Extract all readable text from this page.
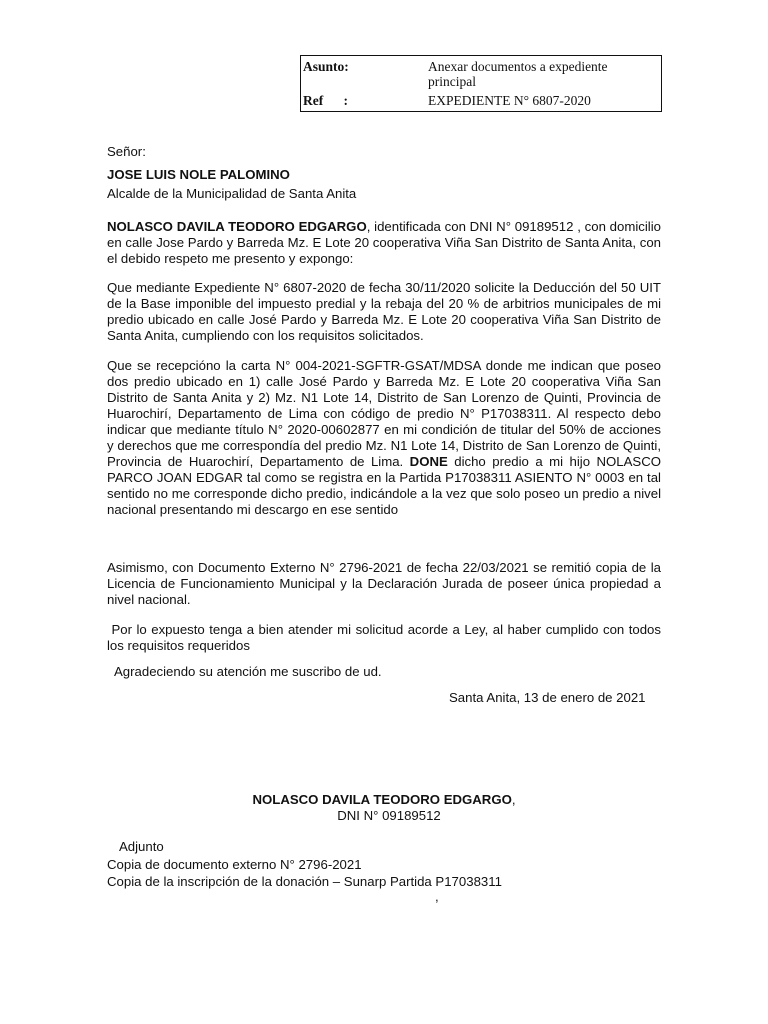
Asunto:	Anexar documentos a expediente principal
Ref      :	EXPEDIENTE N° 6807-2020
Señor:
JOSE LUIS NOLE PALOMINO
Alcalde de la Municipalidad de Santa Anita
NOLASCO DAVILA TEODORO EDGARGO, identificada con DNI N° 09189512 , con domicilio en calle Jose Pardo y Barreda Mz. E Lote 20 cooperativa Viña San Distrito de Santa Anita, con el debido respeto me presento y expongo:
Que mediante Expediente N° 6807-2020 de fecha 30/11/2020 solicite la Deducción del 50 UIT de la Base imponible del impuesto predial y la rebaja del 20 % de arbitrios municipales de mi predio ubicado en calle José Pardo y Barreda Mz. E Lote 20 cooperativa Viña San Distrito de Santa Anita, cumpliendo con los requisitos solicitados.
Que se recepcióno la carta N° 004-2021-SGFTR-GSAT/MDSA donde me indican que poseo dos predio ubicado en 1) calle José Pardo y Barreda Mz. E Lote 20 cooperativa Viña San Distrito de Santa Anita y 2) Mz. N1 Lote 14, Distrito de San Lorenzo de Quinti, Provincia de Huarochirí, Departamento de Lima con código de predio N° P17038311. Al respecto debo indicar que mediante título N° 2020-00602877 en mi condición de titular del 50% de acciones y derechos que me correspondía del predio Mz. N1 Lote 14, Distrito de San Lorenzo de Quinti, Provincia de Huarochirí, Departamento de Lima. DONE dicho predio a mi hijo NOLASCO PARCO JOAN EDGAR tal como se registra en la Partida P17038311 ASIENTO N° 0003 en tal sentido no me corresponde dicho predio, indicándole a la vez que solo poseo un predio a nivel nacional presentando mi descargo en ese sentido
Asimismo, con Documento Externo N° 2796-2021 de fecha 22/03/2021 se remitió copia de la Licencia de Funcionamiento Municipal y la Declaración Jurada de poseer única propiedad a nivel nacional.
Por lo expuesto tenga a bien atender mi solicitud acorde a Ley, al haber cumplido con todos los requisitos requeridos
Agradeciendo su atención me suscribo de ud.
Santa Anita, 13 de enero de 2021
NOLASCO DAVILA TEODORO EDGARGO,
DNI N° 09189512
Adjunto
Copia de documento externo N° 2796-2021
Copia de la inscripción de la donación – Sunarp Partida P17038311
,
